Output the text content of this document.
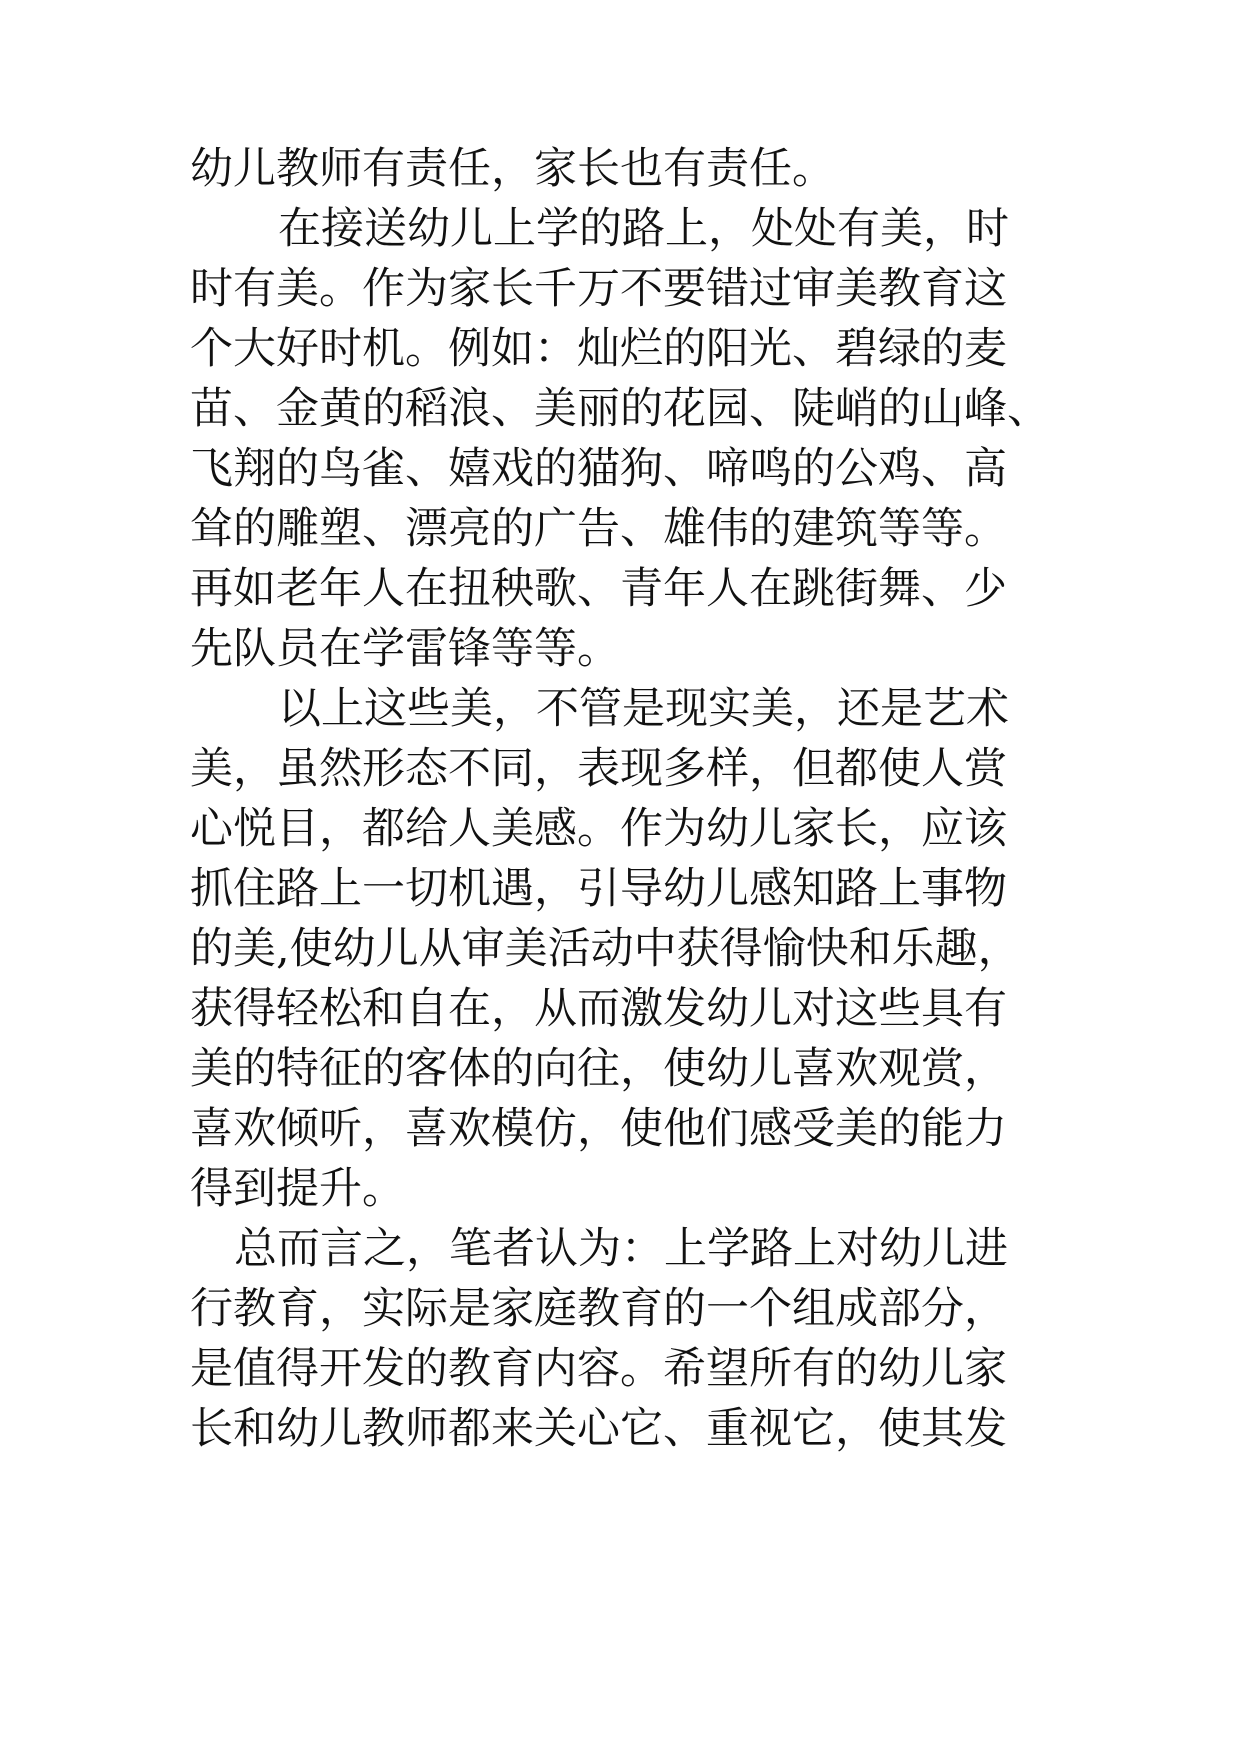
幼儿教师有责任，家长也有责任。
在接送幼儿上学的路上，处处有美，时
时有美。作为家长千万不要错过审美教育这
个大好时机。例如：灿烂的阳光、碧绿的麦
苗、金黄的稻浪、美丽的花园、陡峭的山峰、
飞翔的鸟雀、嬉戏的猫狗、啼鸣的公鸡、高
耸的雕塑、漂亮的广告、雄伟的建筑等等。
再如老年人在扭秧歌、青年人在跳街舞、少
先队员在学雷锋等等。
以上这些美，不管是现实美，还是艺术
美，虽然形态不同，表现多样，但都使人赏
心悦目，都给人美感。作为幼儿家长，应该
抓住路上一切机遇，引导幼儿感知路上事物
的美,使幼儿从审美活动中获得愉快和乐趣，
获得轻松和自在，从而激发幼儿对这些具有
美的特征的客体的向往，使幼儿喜欢观赏，
喜欢倾听，喜欢模仿，使他们感受美的能力
得到提升。
总而言之，笔者认为：上学路上对幼儿进
行教育，实际是家庭教育的一个组成部分，
是值得开发的教育内容。希望所有的幼儿家
长和幼儿教师都来关心它、重视它，使其发
